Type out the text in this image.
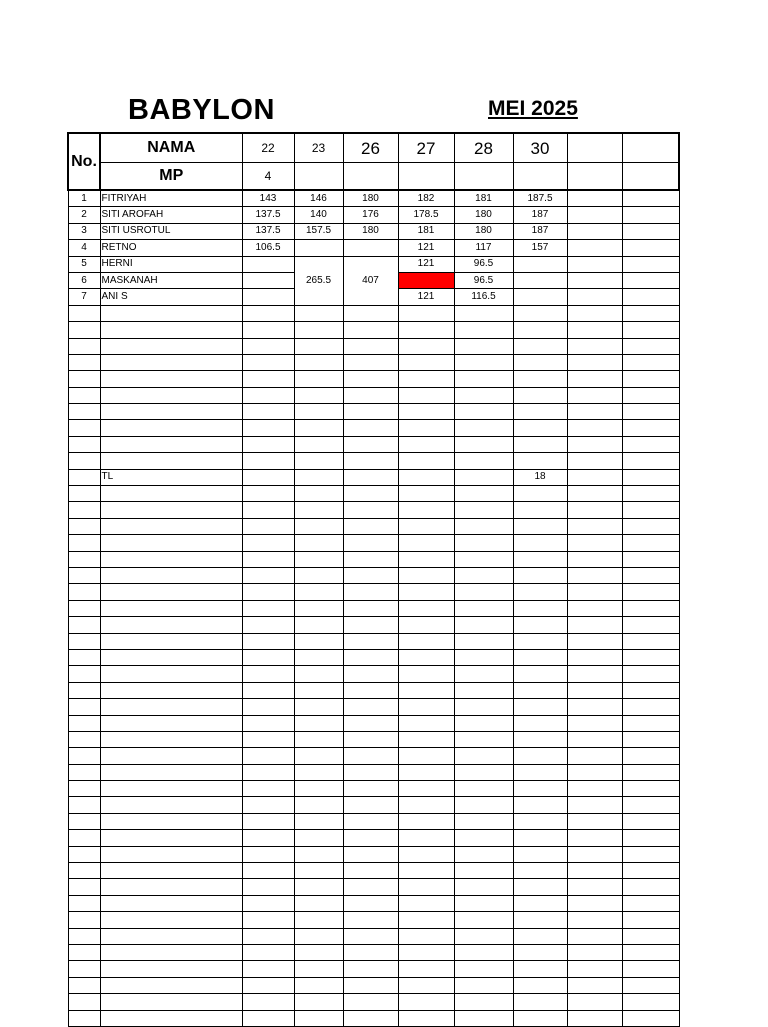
BABYLON	MEI 2025
No.	NAMA	22	23	26	27	28	30		
	MP	4							
1	FITRIYAH	143	146	180	182	181	187.5		
2	SITI AROFAH	137.5	140	176	178.5	180	187		
3	SITI USROTUL	137.5	157.5	180	181	180	187		
4	RETNO	106.5			121	117	157		
5	HERNI		265.5	407	121	96.5			
6	MASKANAH					96.5			
7	ANI S				121	116.5			

	TL						18		
